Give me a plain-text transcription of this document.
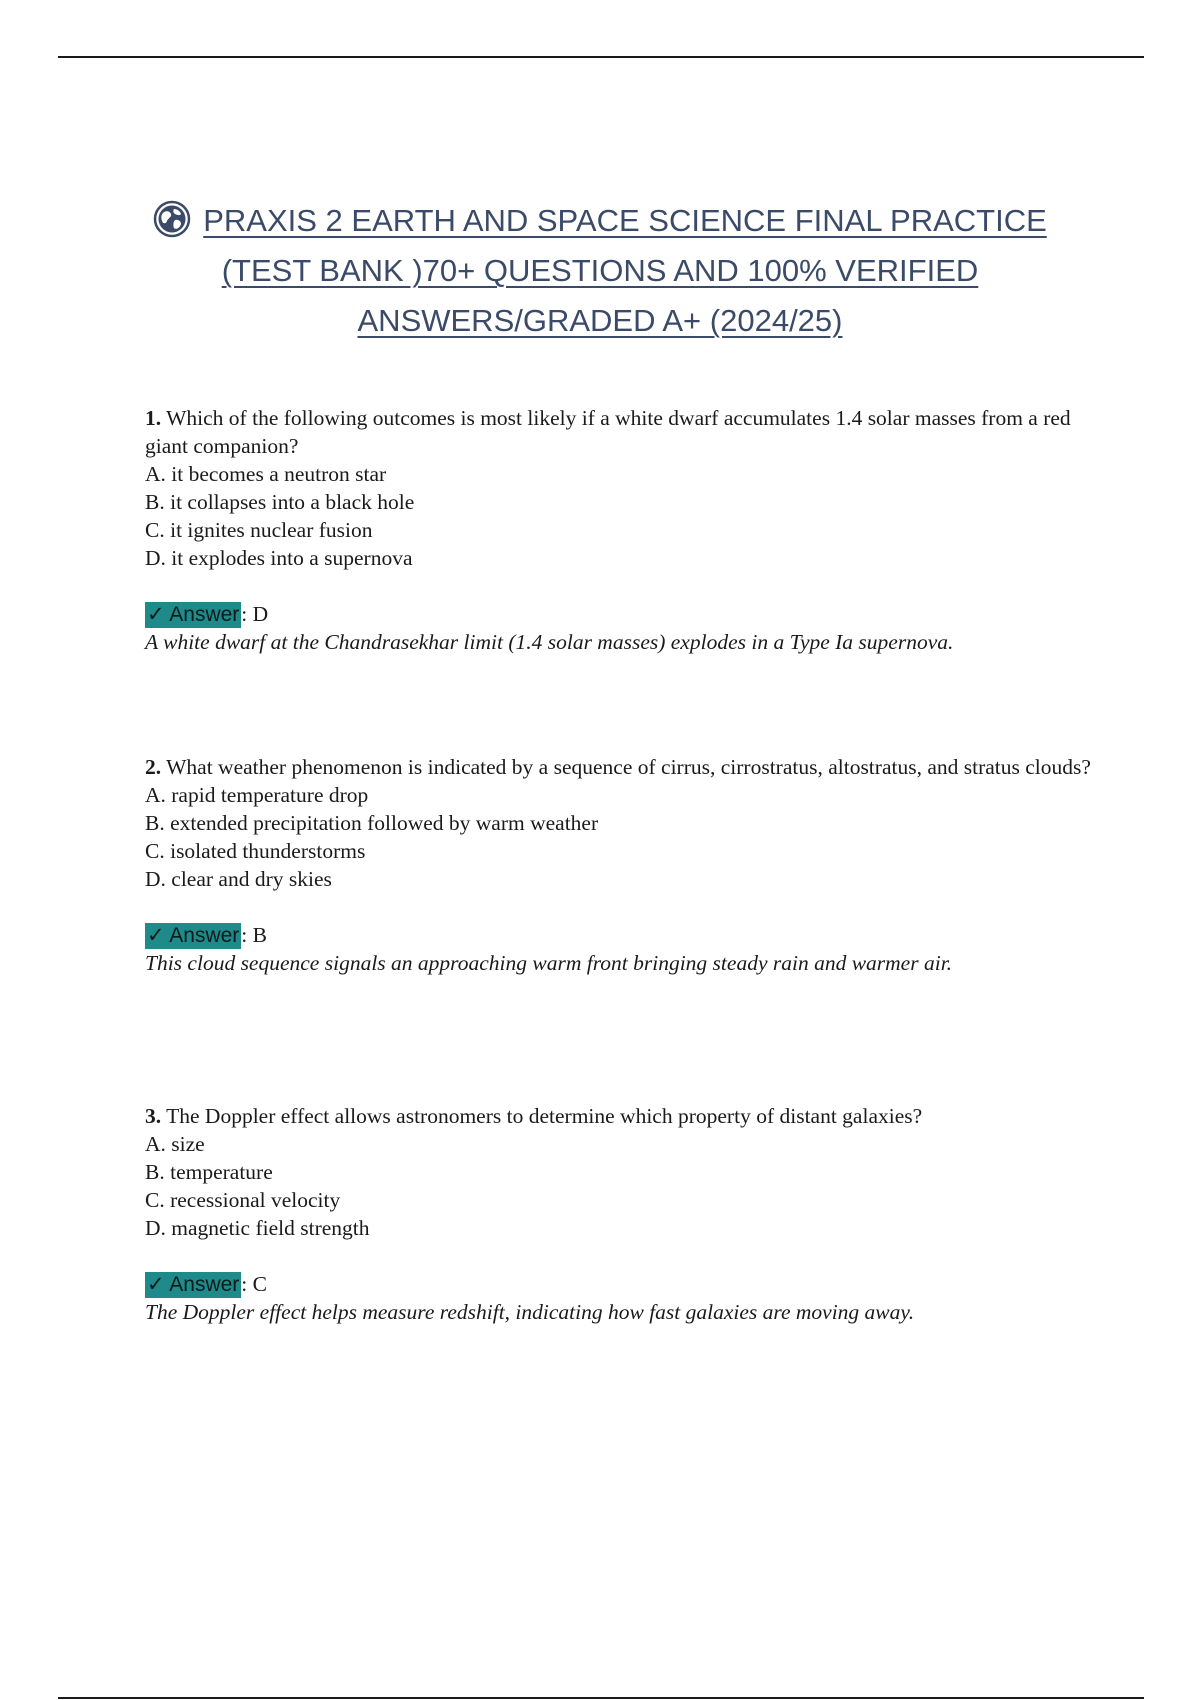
PRAXIS 2 EARTH AND SPACE SCIENCE FINAL PRACTICE
(TEST BANK )70+ QUESTIONS AND 100% VERIFIED
ANSWERS/GRADED A+ (2024/25)
1. Which of the following outcomes is most likely if a white dwarf accumulates 1.4 solar masses from a red giant companion?
A. it becomes a neutron star
B. it collapses into a black hole
C. it ignites nuclear fusion
D. it explodes into a supernova
✓ Answer: D
A white dwarf at the Chandrasekhar limit (1.4 solar masses) explodes in a Type Ia supernova.
2. What weather phenomenon is indicated by a sequence of cirrus, cirrostratus, altostratus, and stratus clouds?
A. rapid temperature drop
B. extended precipitation followed by warm weather
C. isolated thunderstorms
D. clear and dry skies
✓ Answer: B
This cloud sequence signals an approaching warm front bringing steady rain and warmer air.
3. The Doppler effect allows astronomers to determine which property of distant galaxies?
A. size
B. temperature
C. recessional velocity
D. magnetic field strength
✓ Answer: C
The Doppler effect helps measure redshift, indicating how fast galaxies are moving away.
